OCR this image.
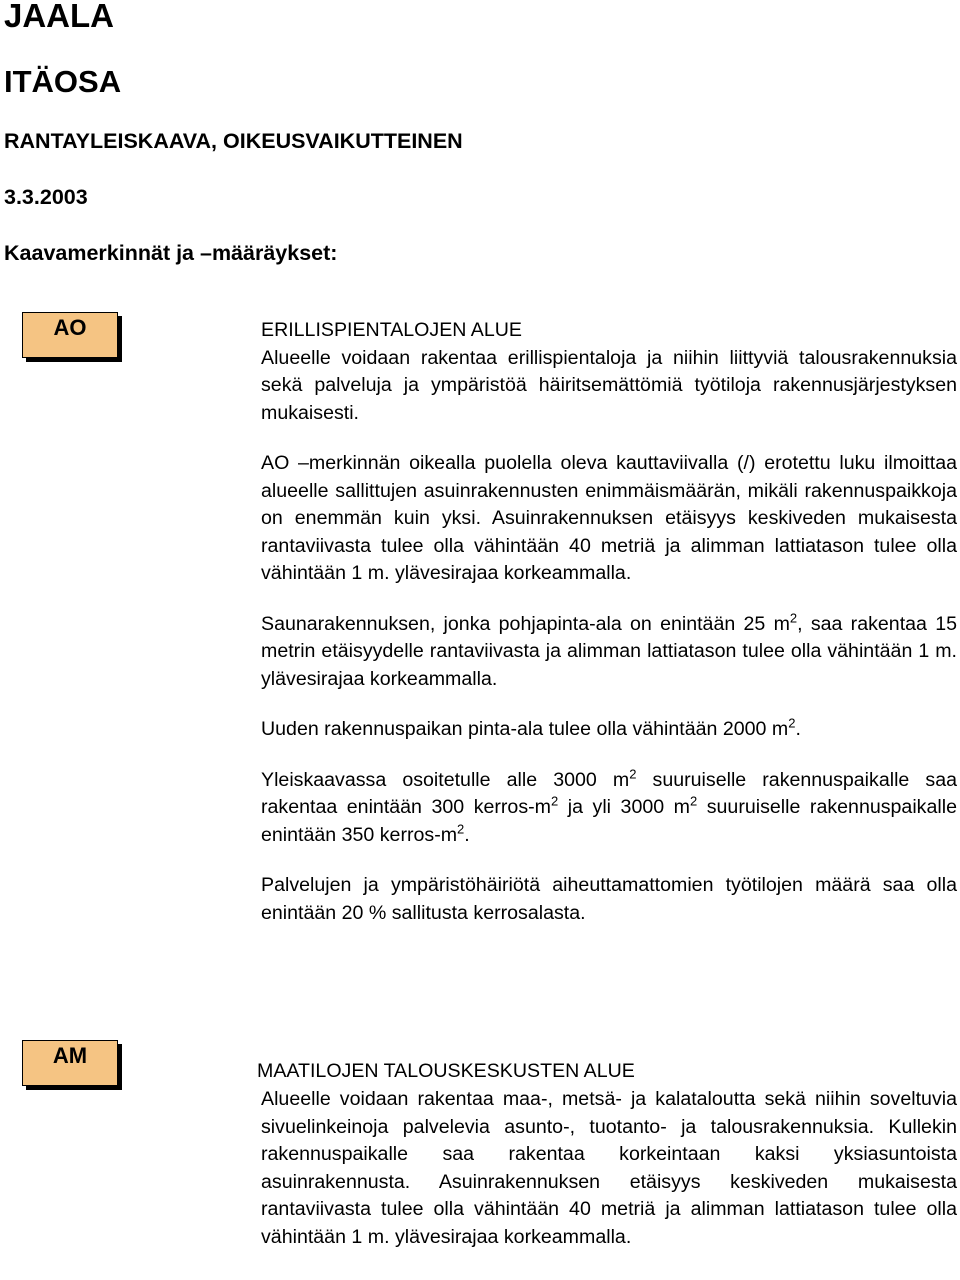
JAALA
ITÄOSA
RANTAYLEISKAAVA, OIKEUSVAIKUTTEINEN
3.3.2003
Kaavamerkinnät ja –määräykset:
AO	ERILLISPIENTALOJEN ALUE

Alueelle voidaan rakentaa erillispientaloja ja niihin liittyviä talousrakennuksia sekä palveluja ja ympäristöä häiritsemättömiä työtiloja rakennusjärjestyksen mukaisesti.

AO –merkinnän oikealla puolella oleva kauttaviivalla (/) erotettu luku ilmoittaa alueelle sallittujen asuinrakennusten enimmäismäärän, mikäli rakennuspaikkoja on enemmän kuin yksi. Asuinrakennuksen etäisyys keskiveden mukaisesta rantaviivasta tulee olla vähintään 40 metriä ja alimman lattiatason tulee olla vähintään 1 m. ylävesirajaa korkeammalla.

Saunarakennuksen, jonka pohjapinta-ala on enintään 25 $m^2$, saa rakentaa 15 metrin etäisyydelle rantaviivasta ja alimman lattiatason tulee olla vähintään 1 m. ylävesirajaa korkeammalla.

Uuden rakennuspaikan pinta-ala tulee olla vähintään 2000 $m^2$.

Yleiskaavassa osoitetulle alle 3000 $m^2$ suuruiselle rakennuspaikalle saa rakentaa enintään 300 kerros-$m^2$ ja yli 3000 $m^2$ suuruiselle rakennuspaikalle enintään 350 kerros-$m^2$.

Palvelujen ja ympäristöhäiriötä aiheuttamattomien työtilojen määrä saa olla enintään 20 % sallitusta kerrosalasta.

AM

MAATILOJEN TALOUSKESKUSTEN ALUE

Alueelle voidaan rakentaa maa-, metsä- ja kalataloutta sekä niihin soveltuvia sivuelinkeinoja palvelevia asunto-, tuotanto- ja talousrakennuksia. Kullekin rakennuspaikalle saa rakentaa korkeintaan kaksi yksiasuntoista asuinrakennusta. Asuinrakennuksen etäisyys keskiveden mukaisesta rantaviivasta tulee olla vähintään 40 metriä ja alimman lattiatason tulee olla vähintään 1 m. ylävesirajaa korkeammalla.
